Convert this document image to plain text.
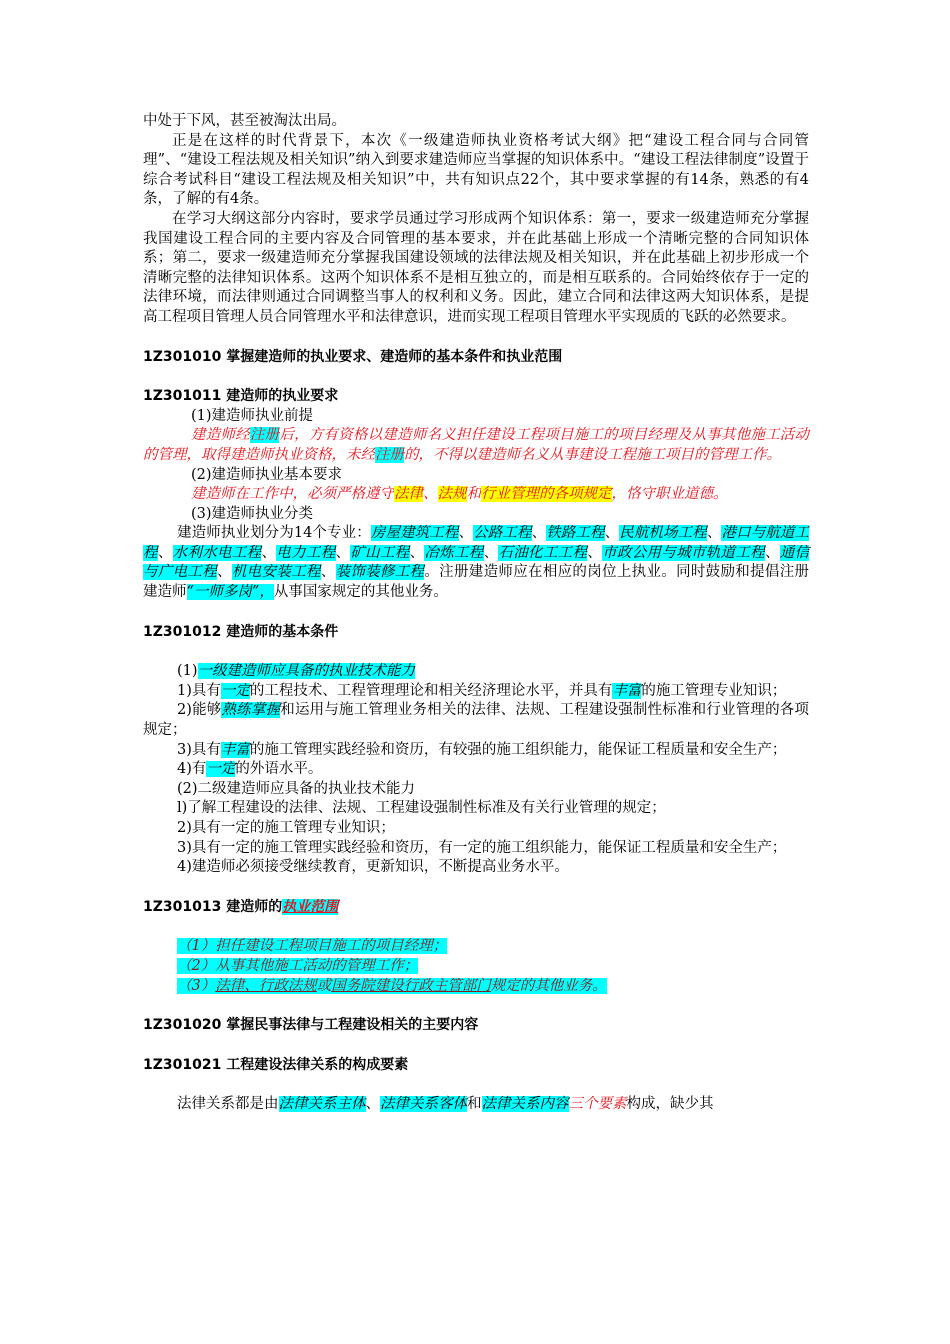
中处于下风，甚至被淘汰出局。

正是在这样的时代背景下，本次《一级建造师执业资格考试大纲》把“建设工程合同与合同管理”、“建设工程法规及相关知识”纳入到要求建造师应当掌握的知识体系中。“建设工程法律制度”设置于综合考试科目“建设工程法规及相关知识”中，共有知识点22个，其中要求掌握的有14条，熟悉的有4条，了解的有4条。

在学习大纲这部分内容时，要求学员通过学习形成两个知识体系：第一，要求一级建造师充分掌握我国建设工程合同的主要内容及合同管理的基本要求，并在此基础上形成一个清晰完整的合同知识体系；第二，要求一级建造师充分掌握我国建设领域的法律法规及相关知识，并在此基础上初步形成一个清晰完整的法律知识体系。这两个知识体系不是相互独立的，而是相互联系的。合同始终依存于一定的法律环境，而法律则通过合同调整当事人的权利和义务。因此，建立合同和法律这两大知识体系，是提高工程项目管理人员合同管理水平和法律意识，进而实现工程项目管理水平实现质的飞跃的必然要求。

1Z301010 掌握建造师的执业要求、建造师的基本条件和执业范围

1Z301011 建造师的执业要求

(1)建造师执业前提

建造师经注册后，方有资格以建造师名义担任建设工程项目施工的项目经理及从事其他施工活动的管理，取得建造师执业资格，未经注册的，不得以建造师名义从事建设工程施工项目的管理工作。

(2)建造师执业基本要求

建造师在工作中，必须严格遵守法律、法规和行业管理的各项规定，恪守职业道德。

(3)建造师执业分类

建造师执业划分为14个专业：房屋建筑工程、公路工程、铁路工程、民航机场工程、港口与航道工程、水利水电工程、电力工程、矿山工程、冶炼工程、石油化工工程、市政公用与城市轨道工程、通信与广电工程、机电安装工程、装饰装修工程。注册建造师应在相应的岗位上执业。同时鼓励和提倡注册建造师“一师多岗”，从事国家规定的其他业务。

1Z301012 建造师的基本条件

(1)一级建造师应具备的执业技术能力

1)具有一定的工程技术、工程管理理论和相关经济理论水平，并具有丰富的施工管理专业知识；

2)能够熟练掌握和运用与施工管理业务相关的法律、法规、工程建设强制性标准和行业管理的各项规定；

3)具有丰富的施工管理实践经验和资历，有较强的施工组织能力，能保证工程质量和安全生产；

4)有一定的外语水平。

(2)二级建造师应具备的执业技术能力

l)了解工程建设的法律、法规、工程建设强制性标准及有关行业管理的规定；

2)具有一定的施工管理专业知识；

3)具有一定的施工管理实践经验和资历，有一定的施工组织能力，能保证工程质量和安全生产；

4)建造师必须接受继续教育，更新知识，不断提高业务水平。

1Z301013 建造师的执业范围

（1）担任建设工程项目施工的项目经理；

（2）从事其他施工活动的管理工作；

（3）法律、行政法规或国务院建设行政主管部门规定的其他业务。

1Z301020 掌握民事法律与工程建设相关的主要内容

1Z301021 工程建设法律关系的构成要素

法律关系都是由法律关系主体、法律关系客体和法律关系内容三个要素构成，缺少其
